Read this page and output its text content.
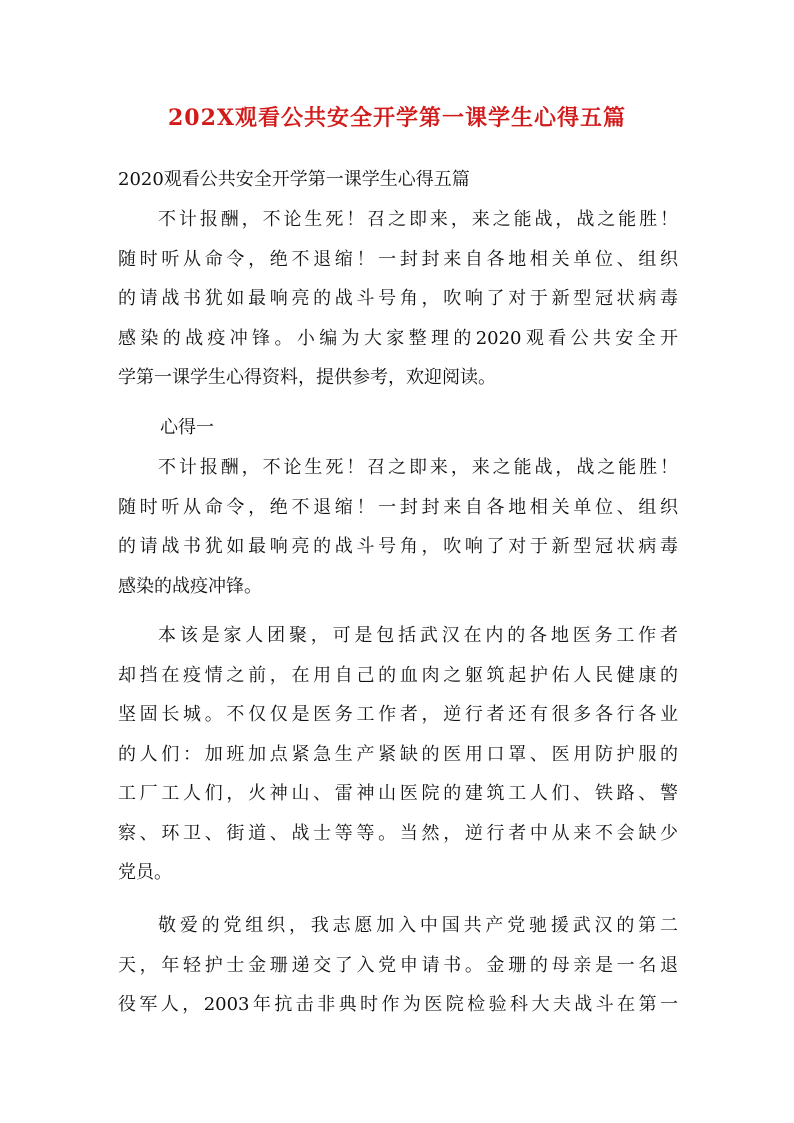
202X观看公共安全开学第一课学生心得五篇
2020观看公共安全开学第一课学生心得五篇
不计报酬，不论生死！召之即来，来之能战，战之能胜！
随时听从命令，绝不退缩！一封封来自各地相关单位、组织
的请战书犹如最响亮的战斗号角，吹响了对于新型冠状病毒
感染的战疫冲锋。小编为大家整理的2020观看公共安全开
学第一课学生心得资料，提供参考，欢迎阅读。
心得一
不计报酬，不论生死！召之即来，来之能战，战之能胜！
随时听从命令，绝不退缩！一封封来自各地相关单位、组织
的请战书犹如最响亮的战斗号角，吹响了对于新型冠状病毒
感染的战疫冲锋。
本该是家人团聚，可是包括武汉在内的各地医务工作者
却挡在疫情之前，在用自己的血肉之躯筑起护佑人民健康的
坚固长城。不仅仅是医务工作者，逆行者还有很多各行各业
的人们：加班加点紧急生产紧缺的医用口罩、医用防护服的
工厂工人们，火神山、雷神山医院的建筑工人们、铁路、警
察、环卫、街道、战士等等。当然，逆行者中从来不会缺少
党员。
敬爱的党组织，我志愿加入中国共产党驰援武汉的第二
天，年轻护士金珊递交了入党申请书。金珊的母亲是一名退
役军人，2003年抗击非典时作为医院检验科大夫战斗在第一
